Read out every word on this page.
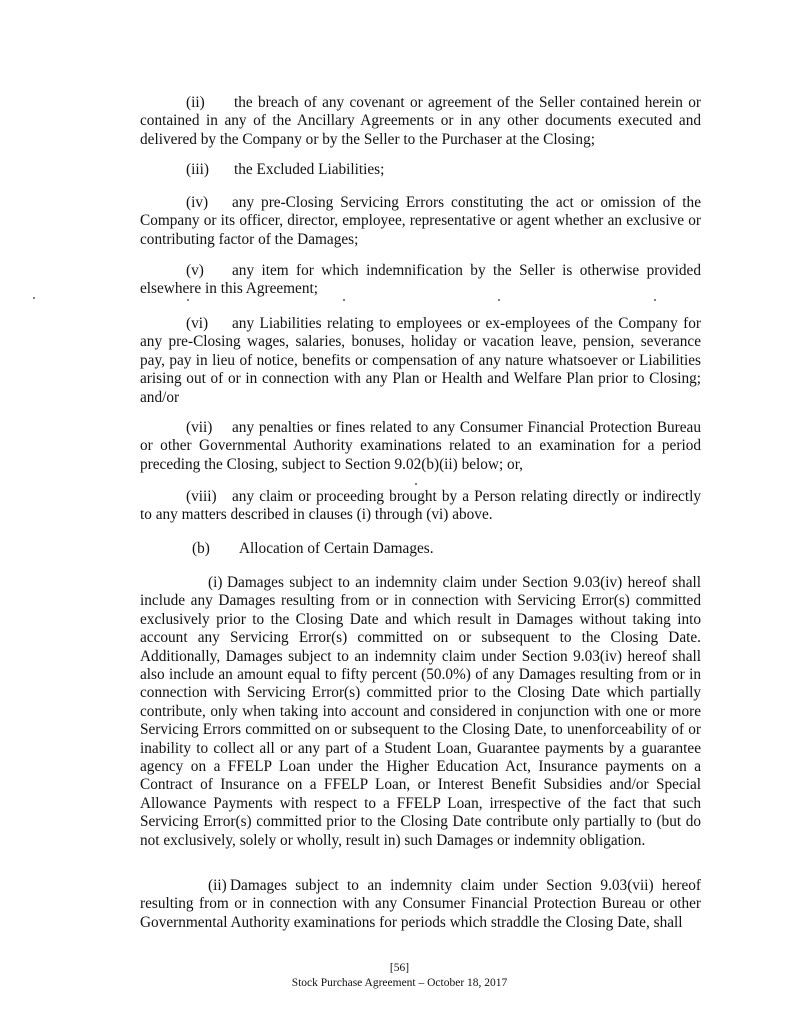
(ii) the breach of any covenant or agreement of the Seller contained herein or contained in any of the Ancillary Agreements or in any other documents executed and delivered by the Company or by the Seller to the Purchaser at the Closing;

(iii) the Excluded Liabilities;

(iv) any pre-Closing Servicing Errors constituting the act or omission of the Company or its officer, director, employee, representative or agent whether an exclusive or contributing factor of the Damages;

(v) any item for which indemnification by the Seller is otherwise provided elsewhere in this Agreement;

(vi) any Liabilities relating to employees or ex-employees of the Company for any pre-Closing wages, salaries, bonuses, holiday or vacation leave, pension, severance pay, pay in lieu of notice, benefits or compensation of any nature whatsoever or Liabilities arising out of or in connection with any Plan or Health and Welfare Plan prior to Closing; and/or

(vii) any penalties or fines related to any Consumer Financial Protection Bureau or other Governmental Authority examinations related to an examination for a period preceding the Closing, subject to Section 9.02(b)(ii) below; or,

(viii) any claim or proceeding brought by a Person relating directly or indirectly to any matters described in clauses (i) through (vi) above.

(b) Allocation of Certain Damages.

(i) Damages subject to an indemnity claim under Section 9.03(iv) hereof shall include any Damages resulting from or in connection with Servicing Error(s) committed exclusively prior to the Closing Date and which result in Damages without taking into account any Servicing Error(s) committed on or subsequent to the Closing Date. Additionally, Damages subject to an indemnity claim under Section 9.03(iv) hereof shall also include an amount equal to fifty percent (50.0%) of any Damages resulting from or in connection with Servicing Error(s) committed prior to the Closing Date which partially contribute, only when taking into account and considered in conjunction with one or more Servicing Errors committed on or subsequent to the Closing Date, to unenforceability of or inability to collect all or any part of a Student Loan, Guarantee payments by a guarantee agency on a FFELP Loan under the Higher Education Act, Insurance payments on a Contract of Insurance on a FFELP Loan, or Interest Benefit Subsidies and/or Special Allowance Payments with respect to a FFELP Loan, irrespective of the fact that such Servicing Error(s) committed prior to the Closing Date contribute only partially to (but do not exclusively, solely or wholly, result in) such Damages or indemnity obligation.

(ii) Damages subject to an indemnity claim under Section 9.03(vii) hereof resulting from or in connection with any Consumer Financial Protection Bureau or other Governmental Authority examinations for periods which straddle the Closing Date, shall

[56]
Stock Purchase Agreement – October 18, 2017
